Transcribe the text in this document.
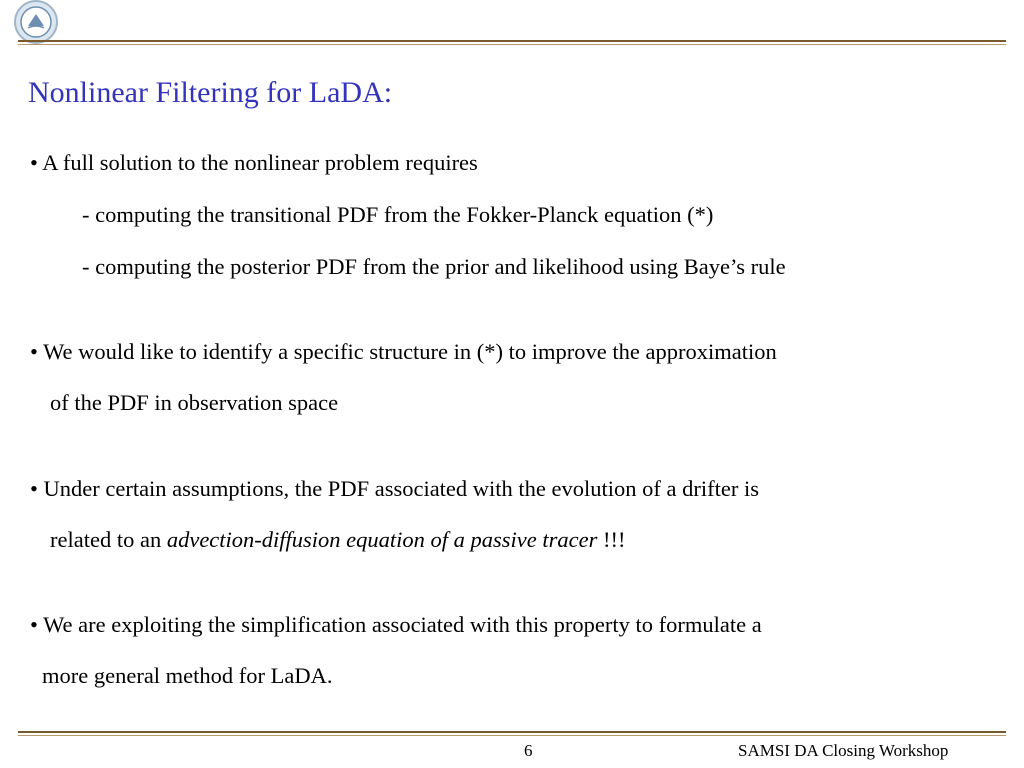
Nonlinear Filtering for LaDA:
• A full solution to the nonlinear problem requires
- computing the transitional PDF from the Fokker-Planck equation (*)
- computing the posterior PDF from the prior and likelihood using Baye’s rule
• We would like to identify a specific structure in (*) to improve the approximation
of the PDF in observation space
• Under certain assumptions, the PDF associated with the evolution of a drifter is
related to an advection-diffusion equation of a passive tracer !!!
• We are exploiting the simplification associated with this property to formulate a
more general method for LaDA.
6	SAMSI DA Closing Workshop
